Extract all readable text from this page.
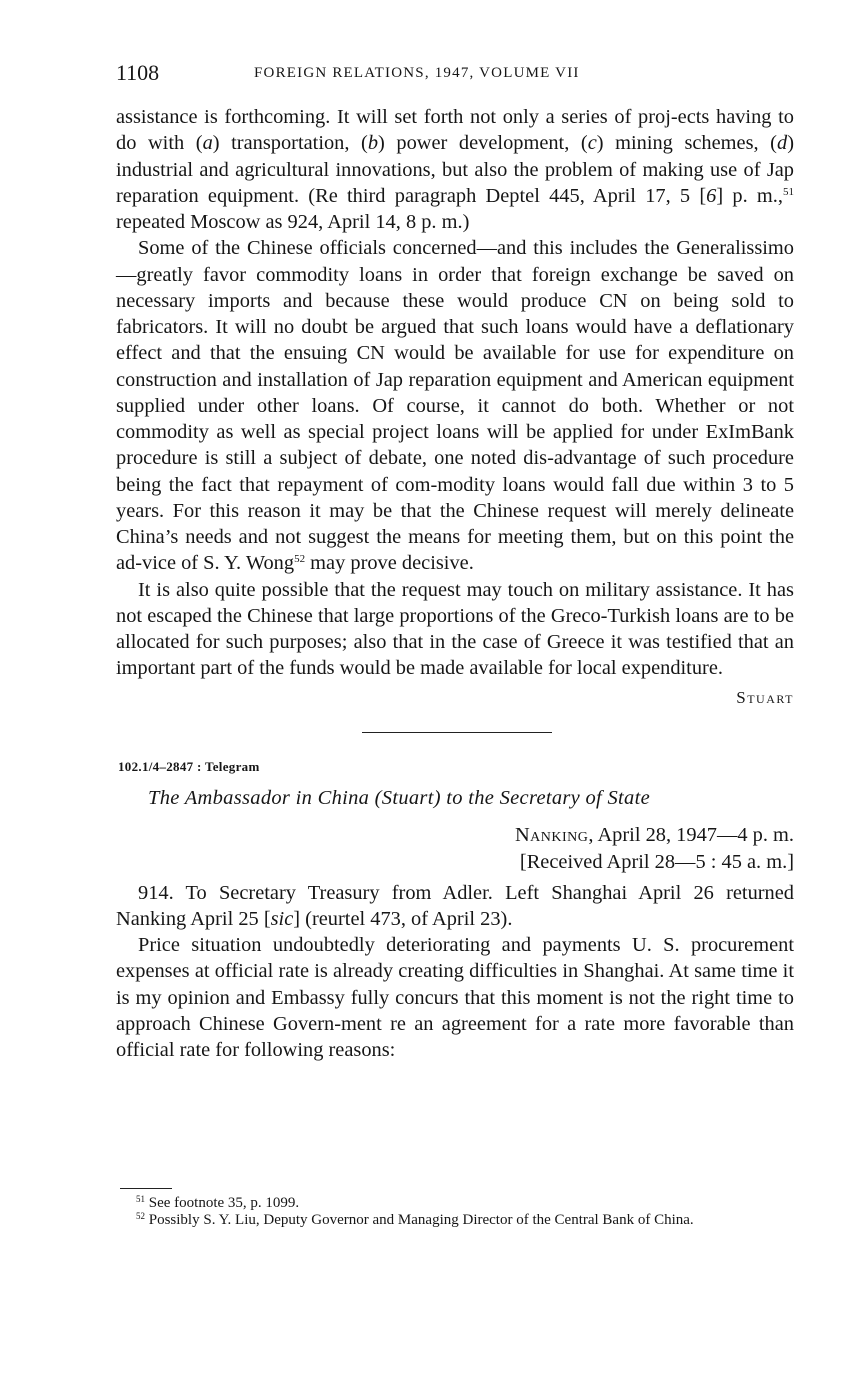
1108	FOREIGN RELATIONS, 1947, VOLUME VII

assistance is forthcoming. It will set forth not only a series of proj-ects having to do with (a) transportation, (b) power development, (c) mining schemes, (d) industrial and agricultural innovations, but also the problem of making use of Jap reparation equipment. (Re third paragraph Deptel 445, April 17, 5 [6] p. m.,$^{51}$ repeated Moscow as 924, April 14, 8 p. m.)

Some of the Chinese officials concerned—and this includes the Generalissimo—greatly favor commodity loans in order that foreign exchange be saved on necessary imports and because these would produce CN on being sold to fabricators. It will no doubt be argued that such loans would have a deflationary effect and that the ensuing CN would be available for use for expenditure on construction and installation of Jap reparation equipment and American equipment supplied under other loans. Of course, it cannot do both. Whether or not commodity as well as special project loans will be applied for under ExImBank procedure is still a subject of debate, one noted dis-advantage of such procedure being the fact that repayment of com-modity loans would fall due within 3 to 5 years. For this reason it may be that the Chinese request will merely delineate China’s needs and not suggest the means for meeting them, but on this point the ad-vice of S. Y. Wong$^{52}$ may prove decisive.

It is also quite possible that the request may touch on military assistance. It has not escaped the Chinese that large proportions of the Greco-Turkish loans are to be allocated for such purposes; also that in the case of Greece it was testified that an important part of the funds would be made available for local expenditure.

Stuart
102.1/4–2847 : Telegram
The Ambassador in China (Stuart) to the Secretary of State
Nanking, April 28, 1947—4 p. m.
[Received April 28—5 : 45 a. m.]

914. To Secretary Treasury from Adler. Left Shanghai April 26 returned Nanking April 25 [sic] (reurtel 473, of April 23).

Price situation undoubtedly deteriorating and payments U. S. procurement expenses at official rate is already creating difficulties in Shanghai. At same time it is my opinion and Embassy fully concurs that this moment is not the right time to approach Chinese Govern-ment re an agreement for a rate more favorable than official rate for following reasons:

$^{51}$ See footnote 35, p. 1099.
$^{52}$ Possibly S. Y. Liu, Deputy Governor and Managing Director of the Central Bank of China.
